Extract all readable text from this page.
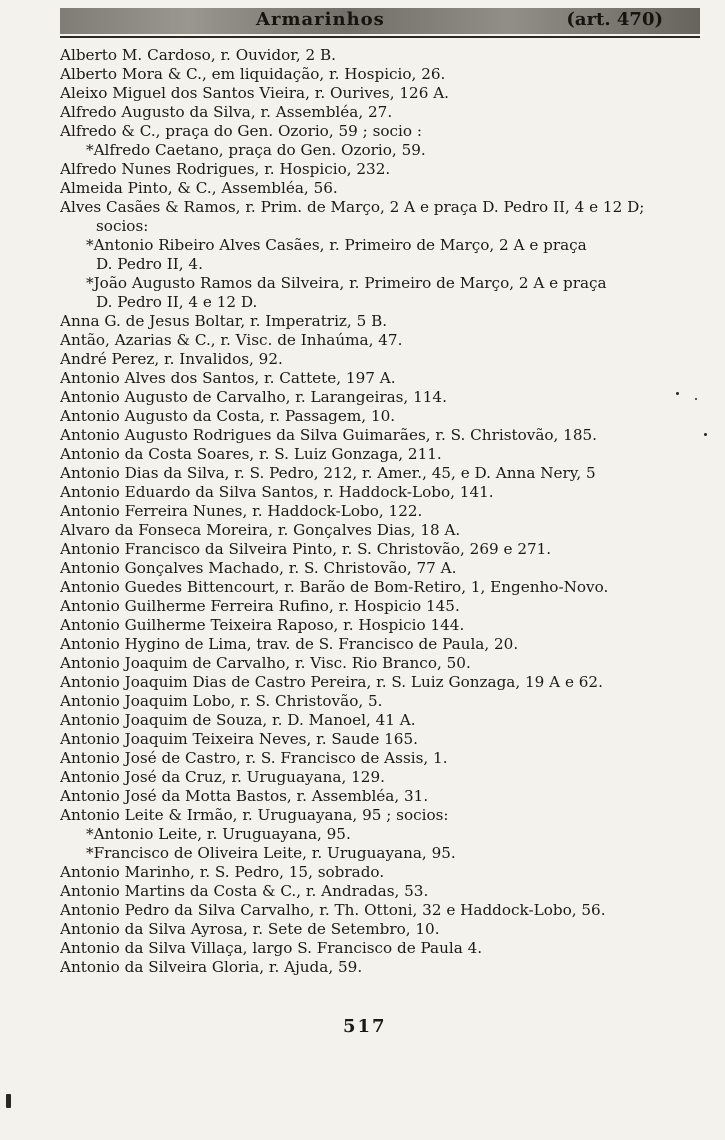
Armarinhos	(art. 470)
Alberto M. Cardoso, r. Ouvidor, 2 B.
Alberto Mora & C., em liquidação, r. Hospicio, 26.
Aleixo Miguel dos Santos Vieira, r. Ourives, 126 A.
Alfredo Augusto da Silva, r. Assembléa, 27.
Alfredo & C., praça do Gen. Ozorio, 59 ; socio :
*Alfredo Caetano, praça do Gen. Ozorio, 59.
Alfredo Nunes Rodrigues, r. Hospicio, 232.
Almeida Pinto, & C., Assembléa, 56.
Alves Casães & Ramos, r. Prim. de Março, 2 A e praça D. Pedro II, 4 e 12 D;
socios:
*Antonio Ribeiro Alves Casães, r. Primeiro de Março, 2 A e praça
D. Pedro II, 4.
*João Augusto Ramos da Silveira, r. Primeiro de Março, 2 A e praça
D. Pedro II, 4 e 12 D.
Anna G. de Jesus Boltar, r. Imperatriz, 5 B.
Antão, Azarias & C., r. Visc. de Inhaúma, 47.
André Perez, r. Invalidos, 92.
Antonio Alves dos Santos, r. Cattete, 197 A.
Antonio Augusto de Carvalho, r. Larangeiras, 114.
Antonio Augusto da Costa, r. Passagem, 10.
Antonio Augusto Rodrigues da Silva Guimarães, r. S. Christovão, 185.
Antonio da Costa Soares, r. S. Luiz Gonzaga, 211.
Antonio Dias da Silva, r. S. Pedro, 212, r. Amer., 45, e D. Anna Nery, 5
Antonio Eduardo da Silva Santos, r. Haddock-Lobo, 141.
Antonio Ferreira Nunes, r. Haddock-Lobo, 122.
Alvaro da Fonseca Moreira, r. Gonçalves Dias, 18 A.
Antonio Francisco da Silveira Pinto, r. S. Christovão, 269 e 271.
Antonio Gonçalves Machado, r. S. Christovão, 77 A.
Antonio Guedes Bittencourt, r. Barão de Bom-Retiro, 1, Engenho-Novo.
Antonio Guilherme Ferreira Rufino, r. Hospicio 145.
Antonio Guilherme Teixeira Raposo, r. Hospicio 144.
Antonio Hygino de Lima, trav. de S. Francisco de Paula, 20.
Antonio Joaquim de Carvalho, r. Visc. Rio Branco, 50.
Antonio Joaquim Dias de Castro Pereira, r. S. Luiz Gonzaga, 19 A e 62.
Antonio Joaquim Lobo, r. S. Christovão, 5.
Antonio Joaquim de Souza, r. D. Manoel, 41 A.
Antonio Joaquim Teixeira Neves, r. Saude 165.
Antonio José de Castro, r. S. Francisco de Assis, 1.
Antonio José da Cruz, r. Uruguayana, 129.
Antonio José da Motta Bastos, r. Assembléa, 31.
Antonio Leite & Irmão, r. Uruguayana, 95 ; socios:
*Antonio Leite, r. Uruguayana, 95.
*Francisco de Oliveira Leite, r. Uruguayana, 95.
Antonio Marinho, r. S. Pedro, 15, sobrado.
Antonio Martins da Costa & C., r. Andradas, 53.
Antonio Pedro da Silva Carvalho, r. Th. Ottoni, 32 e Haddock-Lobo, 56.
Antonio da Silva Ayrosa, r. Sete de Setembro, 10.
Antonio da Silva Villaça, largo S. Francisco de Paula 4.
Antonio da Silveira Gloria, r. Ajuda, 59.
517
